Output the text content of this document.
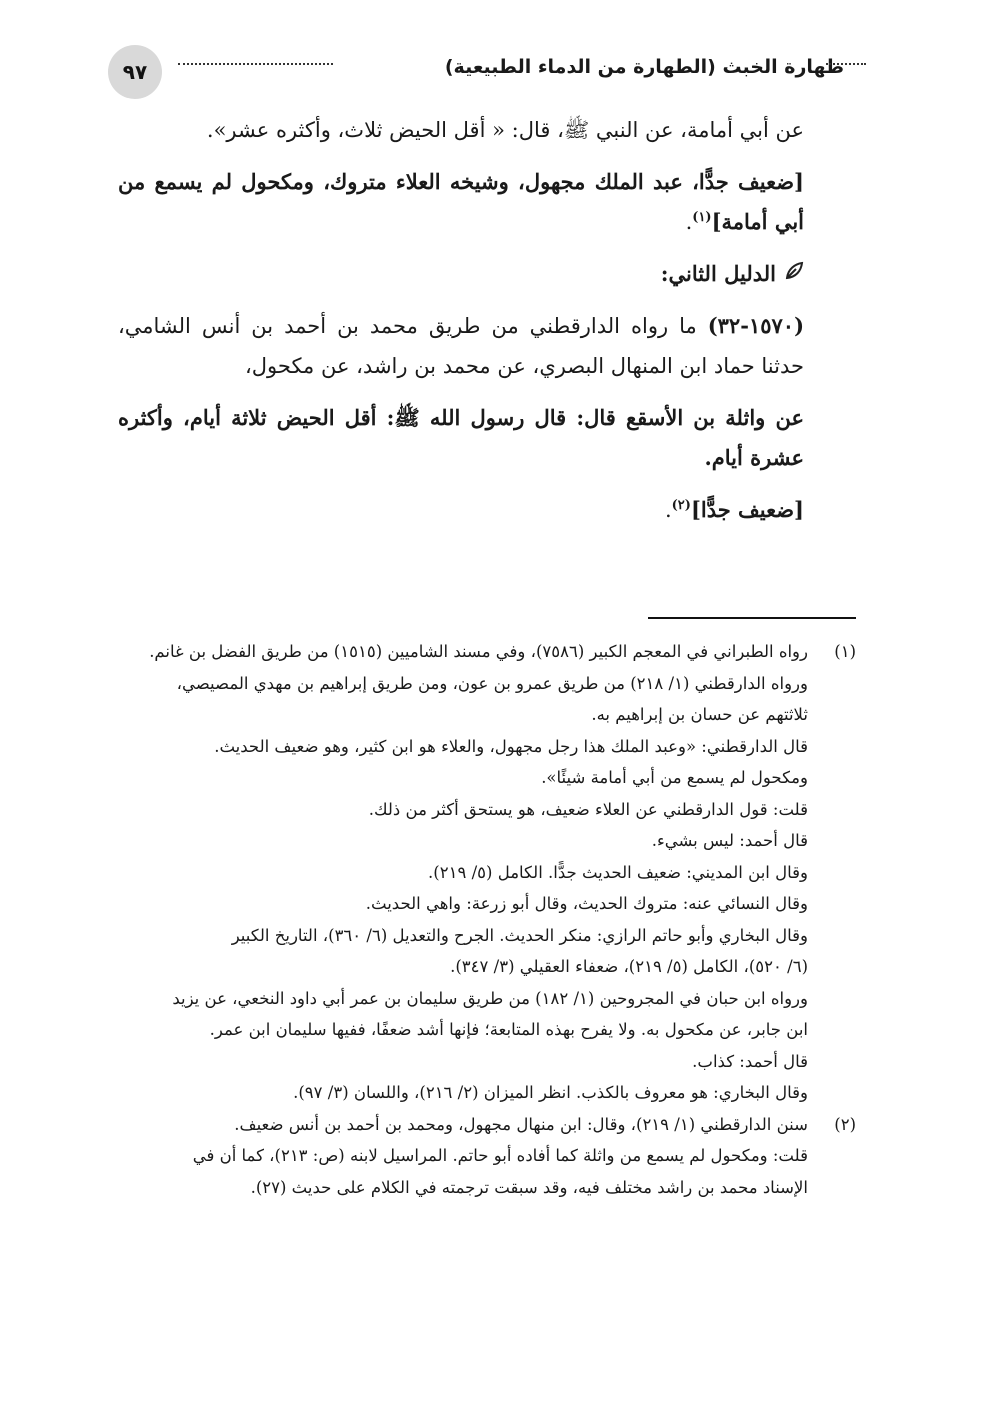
٩٧	طهارة الخبث (الطهارة من الدماء الطبيعية)

عن أبي أمامة، عن النبي ﷺ، قال: « أقل الحيض ثلاث، وأكثره عشر».

[ضعيف جدًّا، عبد الملك مجهول، وشيخه العلاء متروك، ومكحول لم يسمع من أبي أمامة]$^{(١)}$.

الدليل الثاني:

(١٥٧٠-٣٢) ما رواه الدارقطني من طريق محمد بن أحمد بن أنس الشامي، حدثنا حماد ابن المنهال البصري، عن محمد بن راشد، عن مكحول،

عن واثلة بن الأسقع قال: قال رسول الله ﷺ: أقل الحيض ثلاثة أيام، وأكثره عشرة أيام.

[ضعيف جدًّا]$^{(٢)}$.

(١)
رواه الطبراني في المعجم الكبير (٧٥٨٦)، وفي مسند الشاميين (١٥١٥) من طريق الفضل بن غانم.
ورواه الدارقطني (١/ ٢١٨) من طريق عمرو بن عون، ومن طريق إبراهيم بن مهدي المصيصي،
ثلاثتهم عن حسان بن إبراهيم به.
قال الدارقطني: «وعبد الملك هذا رجل مجهول، والعلاء هو ابن كثير، وهو ضعيف الحديث.
ومكحول لم يسمع من أبي أمامة شيئًا».
قلت: قول الدارقطني عن العلاء ضعيف، هو يستحق أكثر من ذلك.
قال أحمد: ليس بشيء.
وقال ابن المديني: ضعيف الحديث جدًّا. الكامل (٥/ ٢١٩).
وقال النسائي عنه: متروك الحديث، وقال أبو زرعة: واهي الحديث.
وقال البخاري وأبو حاتم الرازي: منكر الحديث. الجرح والتعديل (٦/ ٣٦٠)، التاريخ الكبير
(٦/ ٥٢٠)، الكامل (٥/ ٢١٩)، ضعفاء العقيلي (٣/ ٣٤٧).
ورواه ابن حبان في المجروحين (١/ ١٨٢) من طريق سليمان بن عمر أبي داود النخعي، عن يزيد
ابن جابر، عن مكحول به. ولا يفرح بهذه المتابعة؛ فإنها أشد ضعفًا، ففيها سليمان ابن عمر.
قال أحمد: كذاب.
وقال البخاري: هو معروف بالكذب. انظر الميزان (٢/ ٢١٦)، واللسان (٣/ ٩٧).
(٢)
سنن الدارقطني (١/ ٢١٩)، وقال: ابن منهال مجهول، ومحمد بن أحمد بن أنس ضعيف.
قلت: ومكحول لم يسمع من واثلة كما أفاده أبو حاتم. المراسيل لابنه (ص: ٢١٣)، كما أن في
الإسناد محمد بن راشد مختلف فيه، وقد سبقت ترجمته في الكلام على حديث (٢٧).
